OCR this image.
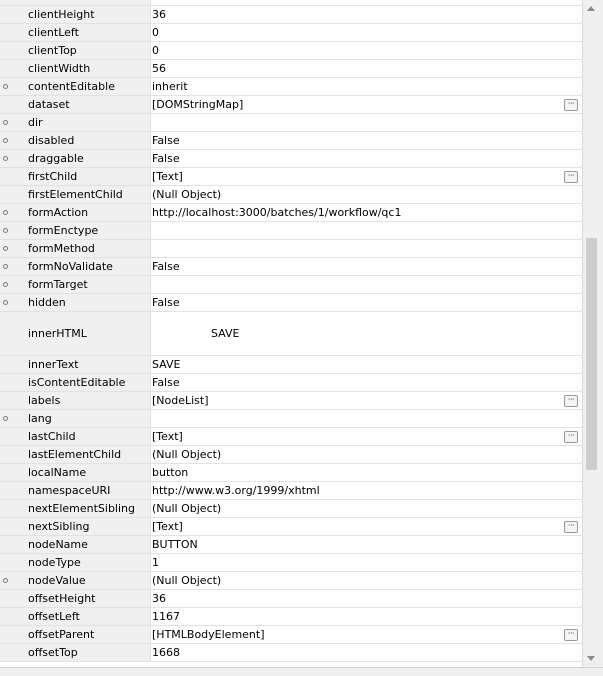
clientHeight	36
clientLeft	0
clientTop	0
clientWidth	56
contentEditable	inherit
dataset	[DOMStringMap]	···
dir
disabled	False
draggable	False
firstChild	[Text]	···
firstElementChild	(Null Object)
formAction	http://localhost:3000/batches/1/workflow/qc1
formEnctype
formMethod
formNoValidate	False
formTarget
hidden	False
innerHTML	SAVE
innerText	SAVE
isContentEditable	False
labels	[NodeList]	···
lang
lastChild	[Text]	···
lastElementChild	(Null Object)
localName	button
namespaceURI	http://www.w3.org/1999/xhtml
nextElementSibling	(Null Object)
nextSibling	[Text]	···
nodeName	BUTTON
nodeType	1
nodeValue	(Null Object)
offsetHeight	36
offsetLeft	1167
offsetParent	[HTMLBodyElement]	···
offsetTop	1668
